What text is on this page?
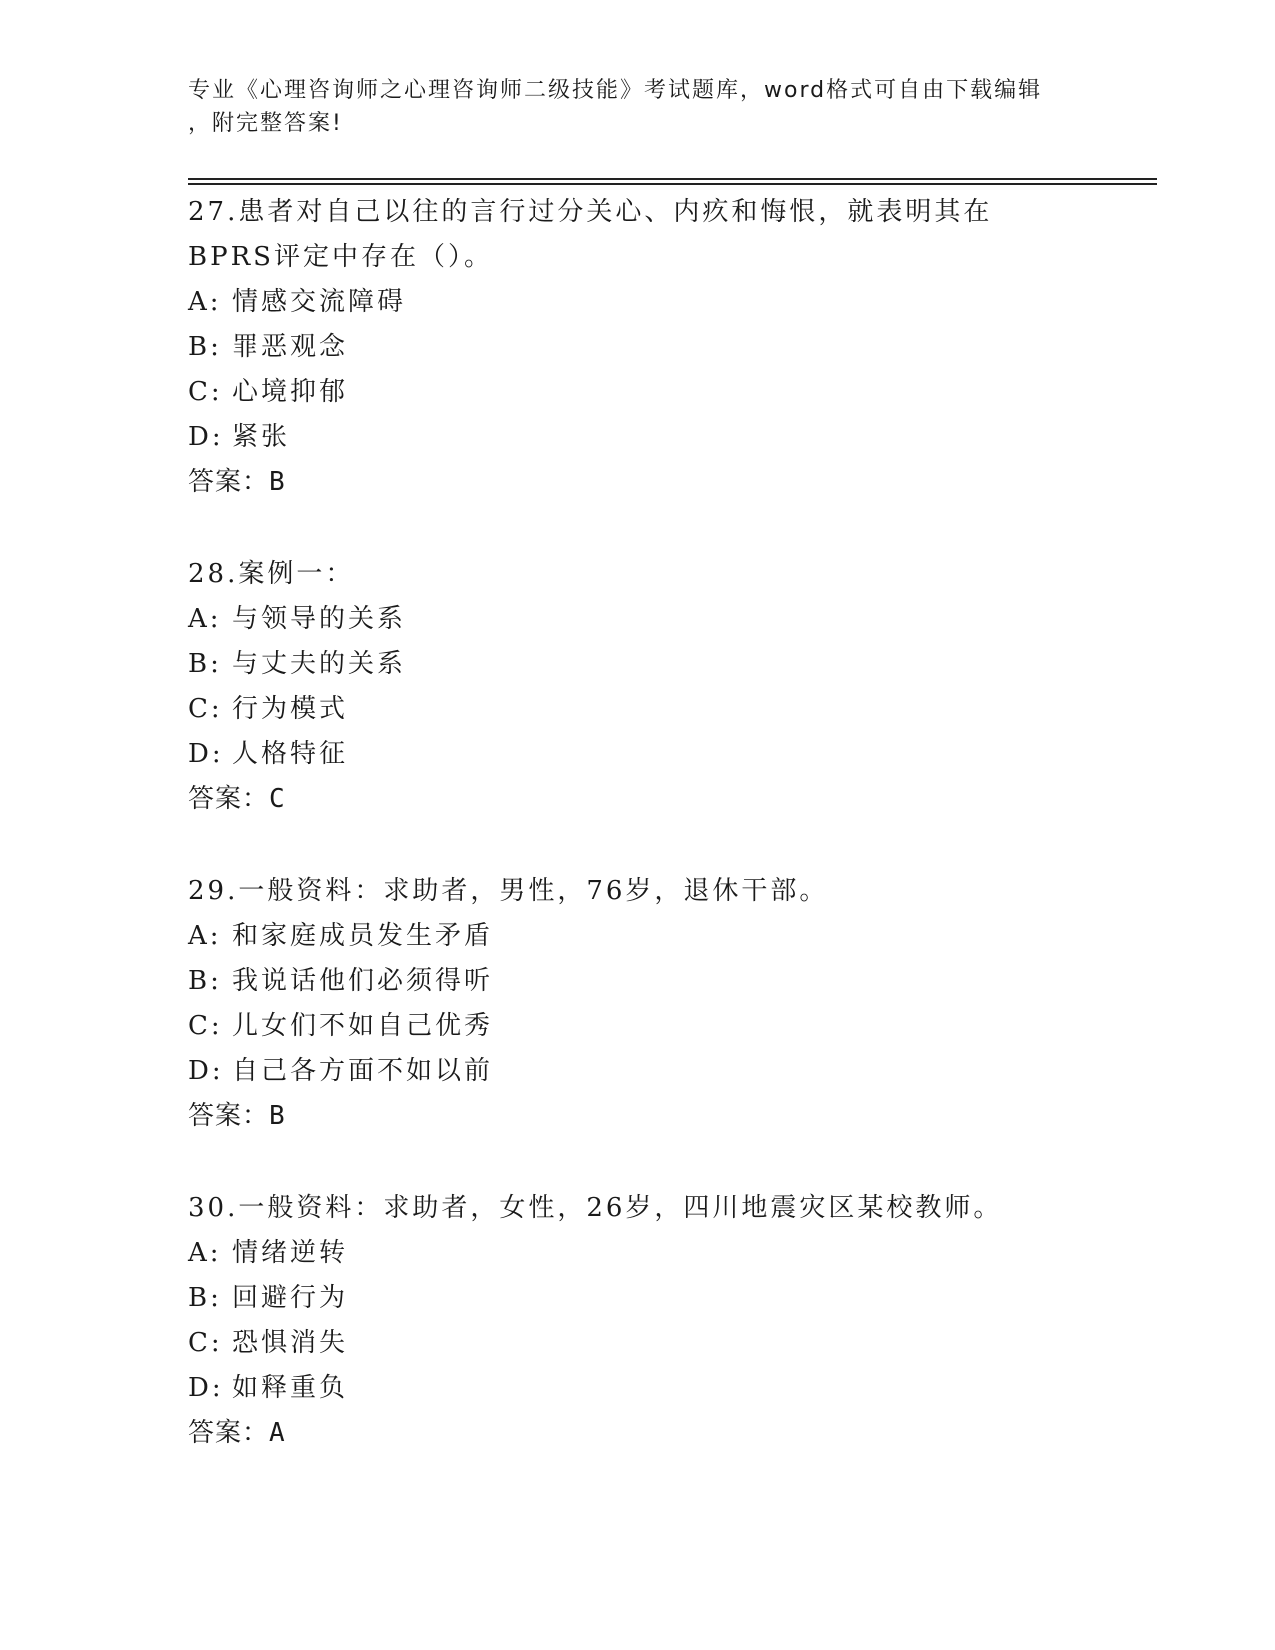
专业《心理咨询师之心理咨询师二级技能》考试题库，word格式可自由下载编辑
，附完整答案!
27.患者对自己以往的言行过分关心、内疚和悔恨，就表明其在BPRS评定中存在（）。
A: 情感交流障碍
B: 罪恶观念
C: 心境抑郁
D: 紧张
答案：B
28.案例一：
A: 与领导的关系
B: 与丈夫的关系
C: 行为模式
D: 人格特征
答案：C
29.一般资料：求助者，男性，76岁，退休干部。
A: 和家庭成员发生矛盾
B: 我说话他们必须得听
C: 儿女们不如自己优秀
D: 自己各方面不如以前
答案：B
30.一般资料：求助者，女性，26岁，四川地震灾区某校教师。
A: 情绪逆转
B: 回避行为
C: 恐惧消失
D: 如释重负
答案：A
